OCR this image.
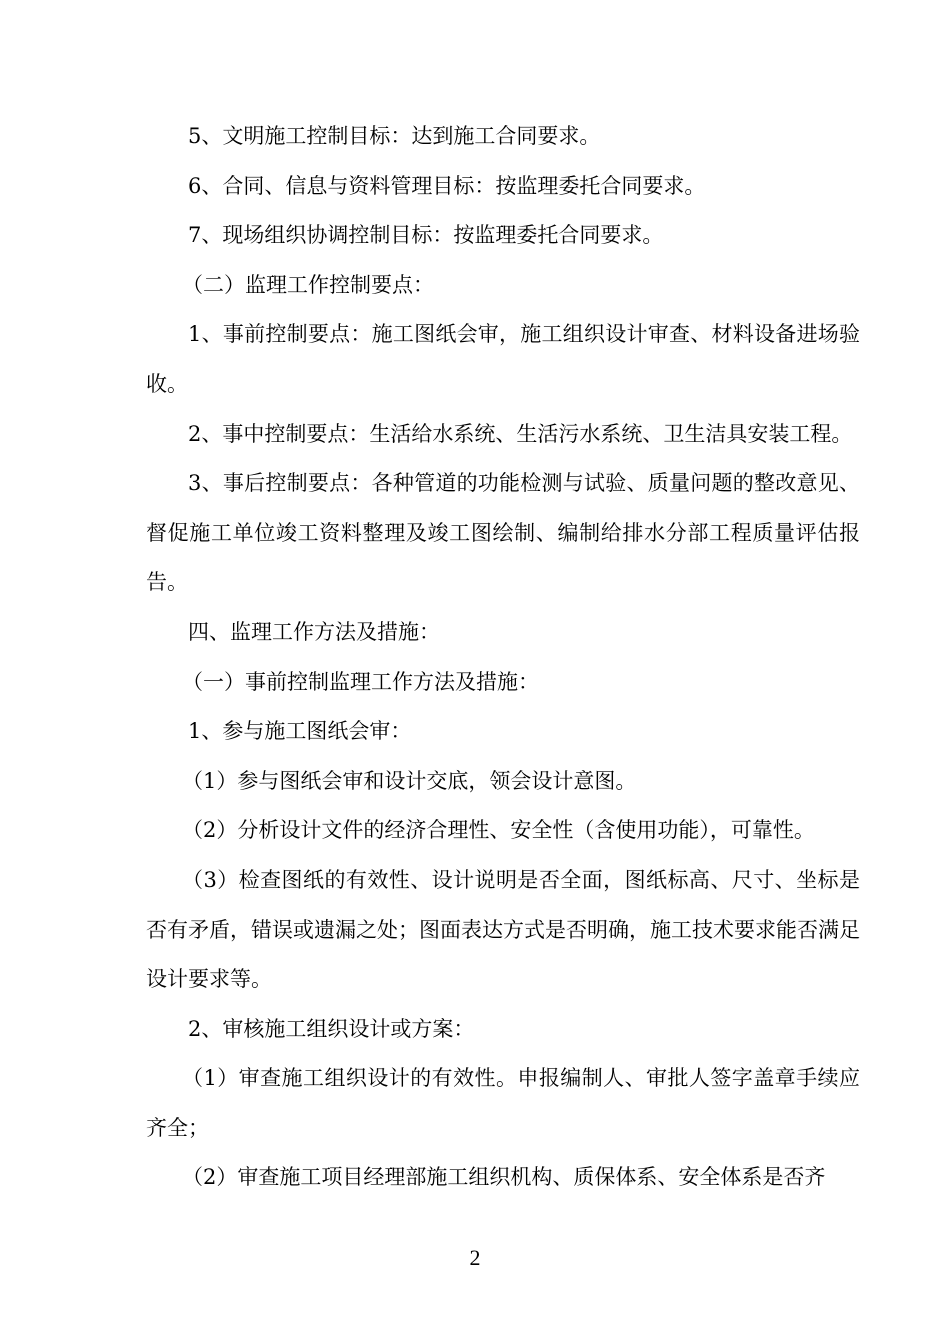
5、文明施工控制目标：达到施工合同要求。

6、合同、信息与资料管理目标：按监理委托合同要求。

7、现场组织协调控制目标：按监理委托合同要求。

（二）监理工作控制要点：

1、事前控制要点：施工图纸会审，施工组织设计审查、材料设备进场验收。

2、事中控制要点：生活给水系统、生活污水系统、卫生洁具安装工程。

3、事后控制要点：各种管道的功能检测与试验、质量问题的整改意见、督促施工单位竣工资料整理及竣工图绘制、编制给排水分部工程质量评估报告。

四、监理工作方法及措施：

（一）事前控制监理工作方法及措施：

1、参与施工图纸会审：

（1）参与图纸会审和设计交底，领会设计意图。

（2）分析设计文件的经济合理性、安全性（含使用功能），可靠性。

（3）检查图纸的有效性、设计说明是否全面，图纸标高、尺寸、坐标是否有矛盾，错误或遗漏之处；图面表达方式是否明确，施工技术要求能否满足设计要求等。

2、审核施工组织设计或方案：

（1）审查施工组织设计的有效性。申报编制人、审批人签字盖章手续应齐全；

（2）审查施工项目经理部施工组织机构、质保体系、安全体系是否齐

2
